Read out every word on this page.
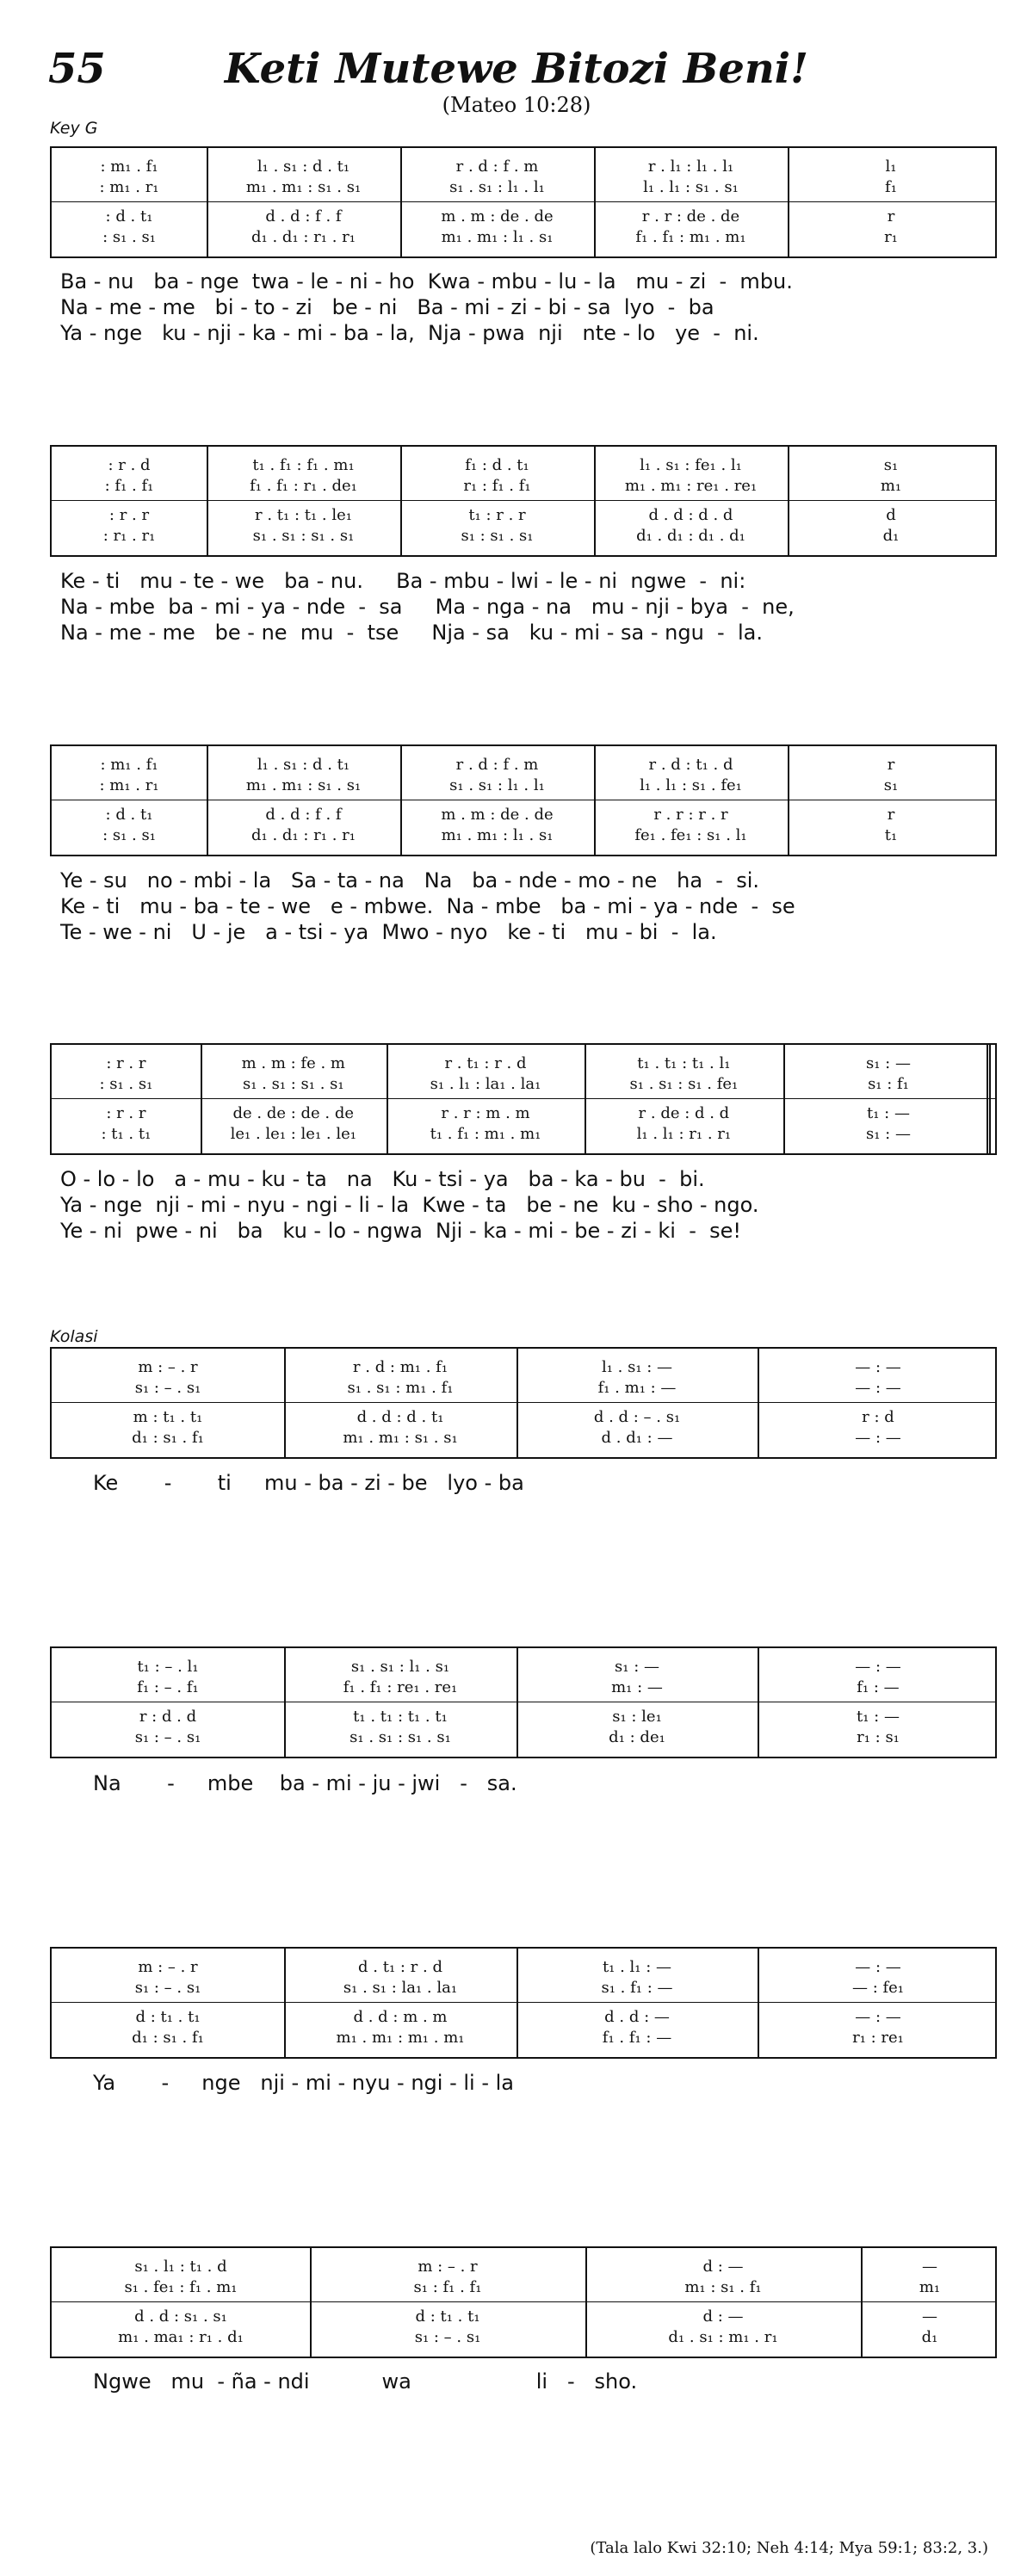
55	Keti Mutewe Bitozi Beni!
(Mateo 10:28)
Key G
Kolasi
: m₁ . f₁	l₁ . s₁ : d . t₁	r . d : f . m	r . l₁ : l₁ . l₁	l₁
: m₁ . r₁	m₁ . m₁ : s₁ . s₁	s₁ . s₁ : l₁ . l₁	l₁ . l₁ : s₁ . s₁	f₁
: d . t₁	d . d : f . f	m . m : de . de	r . r : de . de	r
: s₁ . s₁	d₁ . d₁ : r₁ . r₁	m₁ . m₁ : l₁ . s₁	f₁ . f₁ : m₁ . m₁	r₁
Ba - nu   ba - nge  twa - le - ni - ho  Kwa - mbu - lu - la   mu - zi  -  mbu.
Na - me - me   bi - to - zi   be - ni   Ba - mi - zi - bi - sa  lyo  -  ba
Ya - nge   ku - nji - ka - mi - ba - la,  Nja - pwa  nji   nte - lo   ye  -  ni.
: r . d	t₁ . f₁ : f₁ . m₁	f₁ : d . t₁	l₁ . s₁ : fe₁ . l₁	s₁
: f₁ . f₁	f₁ . f₁ : r₁ . de₁	r₁ : f₁ . f₁	m₁ . m₁ : re₁ . re₁	m₁
: r . r	r . t₁ : t₁ . le₁	t₁ : r . r	d . d : d . d	d
: r₁ . r₁	s₁ . s₁ : s₁ . s₁	s₁ : s₁ . s₁	d₁ . d₁ : d₁ . d₁	d₁
Ke - ti   mu - te - we   ba - nu.     Ba - mbu - lwi - le - ni  ngwe  -  ni:
Na - mbe  ba - mi - ya - nde  -  sa     Ma - nga - na   mu - nji - bya  -  ne,
Na - me - me   be - ne  mu  -  tse     Nja - sa   ku - mi - sa - ngu  -  la.
: m₁ . f₁	l₁ . s₁ : d . t₁	r . d : f . m	r . d : t₁ . d	r
: m₁ . r₁	m₁ . m₁ : s₁ . s₁	s₁ . s₁ : l₁ . l₁	l₁ . l₁ : s₁ . fe₁	s₁
: d . t₁	d . d : f . f	m . m : de . de	r . r : r . r	r
: s₁ . s₁	d₁ . d₁ : r₁ . r₁	m₁ . m₁ : l₁ . s₁	fe₁ . fe₁ : s₁ . l₁	t₁
Ye - su   no - mbi - la   Sa - ta - na   Na   ba - nde - mo - ne   ha  -  si.
Ke - ti   mu - ba - te - we   e - mbwe.  Na - mbe   ba - mi - ya - nde  -  se
Te - we - ni   U - je   a - tsi - ya  Mwo - nyo   ke - ti   mu - bi  -  la.
: r . r	m . m : fe . m	r . t₁ : r . d	t₁ . t₁ : t₁ . l₁	s₁ : —
: s₁ . s₁	s₁ . s₁ : s₁ . s₁	s₁ . l₁ : la₁ . la₁	s₁ . s₁ : s₁ . fe₁	s₁ : f₁
: r . r	de . de : de . de	r . r : m . m	r . de : d . d	t₁ : —
: t₁ . t₁	le₁ . le₁ : le₁ . le₁	t₁ . f₁ : m₁ . m₁	l₁ . l₁ : r₁ . r₁	s₁ : —
O - lo - lo   a - mu - ku - ta   na   Ku - tsi - ya   ba - ka - bu  -  bi.
Ya - nge  nji - mi - nyu - ngi - li - la  Kwe - ta   be - ne  ku - sho - ngo.
Ye - ni  pwe - ni   ba   ku - lo - ngwa  Nji - ka - mi - be - zi - ki  -  se!
m : – . r	r . d : m₁ . f₁	l₁ . s₁ : —	— : —
s₁ : – . s₁	s₁ . s₁ : m₁ . f₁	f₁ . m₁ : —	— : —
m : t₁ . t₁	d . d : d . t₁	d . d : – . s₁	r : d
d₁ : s₁ . f₁	m₁ . m₁ : s₁ . s₁	d . d₁ : —	— : —
Ke       -       ti     mu - ba - zi - be   lyo - ba
t₁ : – . l₁	s₁ . s₁ : l₁ . s₁	s₁ : —	— : —
f₁ : – . f₁	f₁ . f₁ : re₁ . re₁	m₁ : —	f₁ : —
r : d . d	t₁ . t₁ : t₁ . t₁	s₁ : le₁	t₁ : —
s₁ : – . s₁	s₁ . s₁ : s₁ . s₁	d₁ : de₁	r₁ : s₁
Na       -     mbe    ba - mi - ju - jwi   -   sa.
m : – . r	d . t₁ : r . d	t₁ . l₁ : —	— : —
s₁ : – . s₁	s₁ . s₁ : la₁ . la₁	s₁ . f₁ : —	— : fe₁
d : t₁ . t₁	d . d : m . m	d . d : —	— : —
d₁ : s₁ . f₁	m₁ . m₁ : m₁ . m₁	f₁ . f₁ : —	r₁ : re₁
Ya       -     nge   nji - mi - nyu - ngi - li - la
s₁ . l₁ : t₁ . d	m : – . r	d : —	—
s₁ . fe₁ : f₁ . m₁	s₁ : f₁ . f₁	m₁ : s₁ . f₁	m₁
d . d : s₁ . s₁	d : t₁ . t₁	d : —	—
m₁ . ma₁ : r₁ . d₁	s₁ : – . s₁	d₁ . s₁ : m₁ . r₁	d₁
Ngwe   mu  - ña - ndi           wa                   li   -   sho.
(Tala lalo Kwi 32:10; Neh 4:14; Mya 59:1; 83:2, 3.)
